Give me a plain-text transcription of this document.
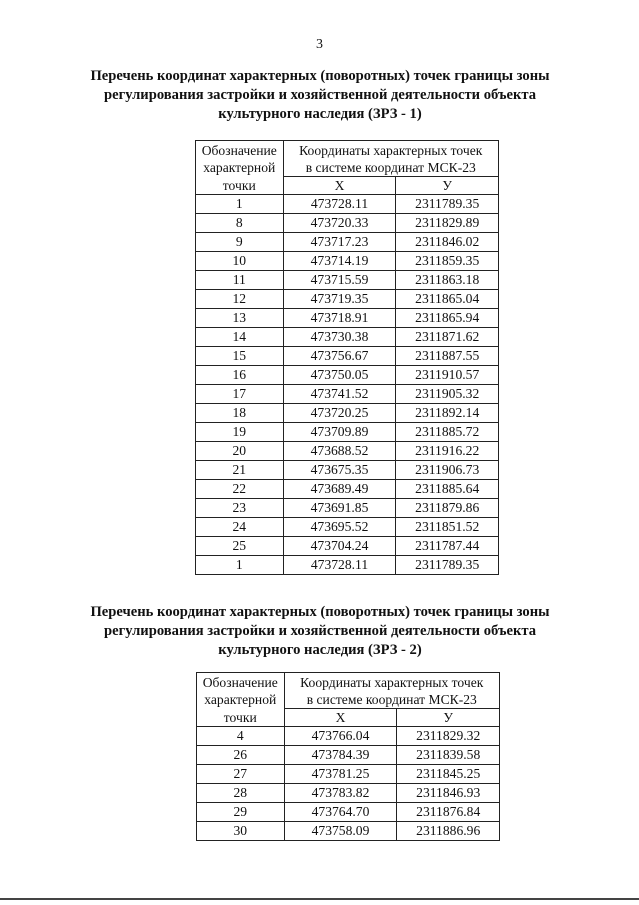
3
Перечень координат характерных (поворотных) точек границы зоны
регулирования застройки и хозяйственной деятельности объекта
культурного наследия (ЗРЗ - 1)
Обозначение	Координаты характерных точек	
характерной	в системе координат МСК-23	
точки	X	У
1	473728.11	2311789.35
8	473720.33	2311829.89
9	473717.23	2311846.02
10	473714.19	2311859.35
11	473715.59	2311863.18
12	473719.35	2311865.04
13	473718.91	2311865.94
14	473730.38	2311871.62
15	473756.67	2311887.55
16	473750.05	2311910.57
17	473741.52	2311905.32
18	473720.25	2311892.14
19	473709.89	2311885.72
20	473688.52	2311916.22
21	473675.35	2311906.73
22	473689.49	2311885.64
23	473691.85	2311879.86
24	473695.52	2311851.52
25	473704.24	2311787.44
1	473728.11	2311789.35
Перечень координат характерных (поворотных) точек границы зоны
регулирования застройки и хозяйственной деятельности объекта
культурного наследия (ЗРЗ - 2)
Обозначение	Координаты характерных точек	
характерной	в системе координат МСК-23	
точки	X	У
4	473766.04	2311829.32
26	473784.39	2311839.58
27	473781.25	2311845.25
28	473783.82	2311846.93
29	473764.70	2311876.84
30	473758.09	2311886.96
